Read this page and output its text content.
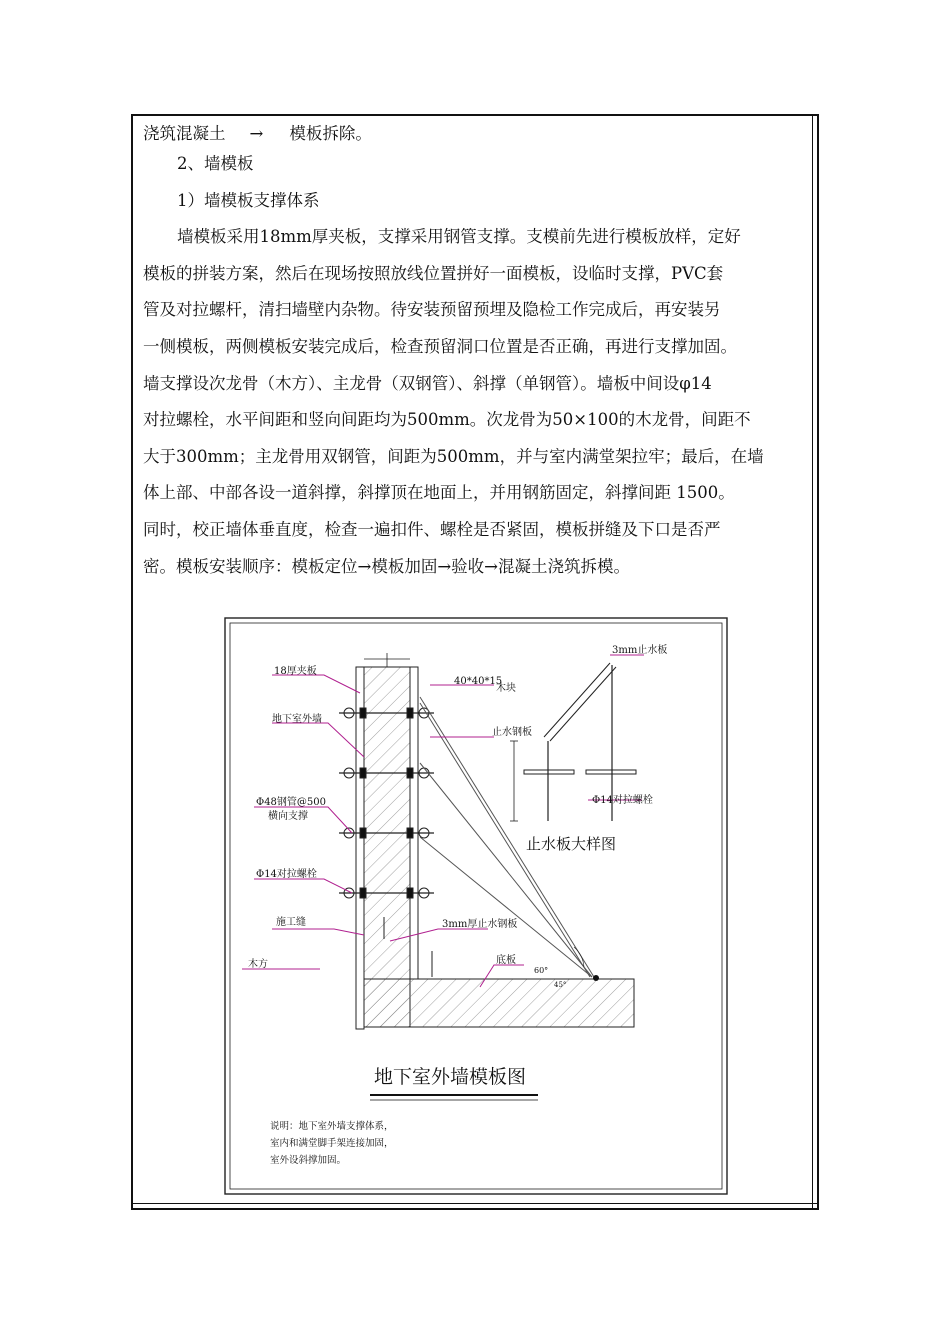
浇筑混凝土 → 模板拆除。

2、墙模板

1）墙模板支撑体系

墙模板采用18mm厚夹板，支撑采用钢管支撑。支模前先进行模板放样，定好

模板的拼装方案，然后在现场按照放线位置拼好一面模板，设临时支撑，PVC套

管及对拉螺杆，清扫墙壁内杂物。待安装预留预埋及隐检工作完成后，再安装另

一侧模板，两侧模板安装完成后，检查预留洞口位置是否正确，再进行支撑加固。

墙支撑设次龙骨（木方）、主龙骨（双钢管）、斜撑（单钢管）。墙板中间设φ14

对拉螺栓，水平间距和竖向间距均为500mm。次龙骨为50×100的木龙骨，间距不

大于300mm；主龙骨用双钢管，间距为500mm，并与室内满堂架拉牢；最后，在墙

体上部、中部各设一道斜撑，斜撑顶在地面上，并用钢筋固定，斜撑间距 1500。

同时，校正墙体垂直度，检查一遍扣件、螺栓是否紧固，模板拼缝及下口是否严

密。模板安装顺序：模板定位→模板加固→验收→混凝土浇筑拆模。

18厚夹板
地下室外墙
Φ48钢管@500
横向支撑
Φ14对拉螺栓
施工缝
木方
40*40*15
木块
止水钢板
3mm厚止水钢板
底板
60°
45°
3mm止水板
Φ14对拉螺栓
止水板大样图
地下室外墙模板图
说明：地下室外墙支撑体系，
室内和满堂脚手架连接加固，
室外设斜撑加固。
